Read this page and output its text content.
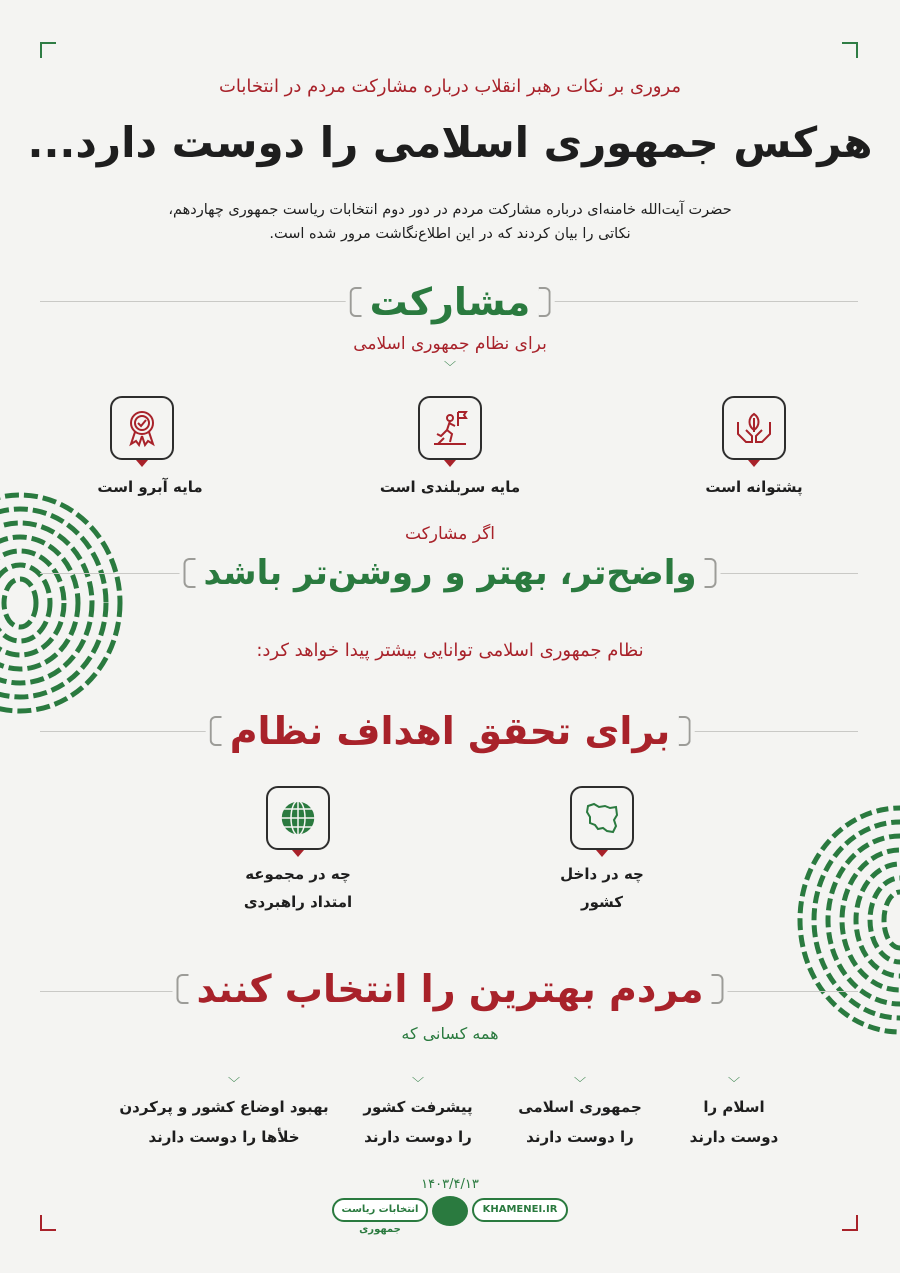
مروری بر نکات رهبر انقلاب درباره مشارکت مردم در انتخابات
هرکس جمهوری اسلامی را دوست دارد...
حضرت آیت‌الله خامنه‌ای درباره مشارکت مردم در دور دوم انتخابات ریاست جمهوری چهاردهم،
نکاتی را بیان کردند که در این اطلاع‌نگاشت مرور شده است.
مشارکت
برای نظام جمهوری اسلامی
﹀
مایه آبرو است	مایه سربلندی است	پشتوانه است
اگر مشارکت
واضح‌تر، بهتر و روشن‌تر باشد
نظام جمهوری اسلامی توانایی بیشتر پیدا خواهد کرد:
برای تحقق اهداف نظام
چه در مجموعه
امتداد راهبردی
چه در داخل
کشور
مردم بهترین را انتخاب کنند
همه کسانی که
﹀	﹀	﹀	﹀
بهبود اوضاع کشور و پرکردن
خلأها را دوست دارند
پیشرفت کشور
را دوست دارند
جمهوری اسلامی
را دوست دارند
اسلام را
دوست دارند
۱۴۰۳/۴/۱۳
انتخابات ریاست جمهوری
KHAMENEI.IR
